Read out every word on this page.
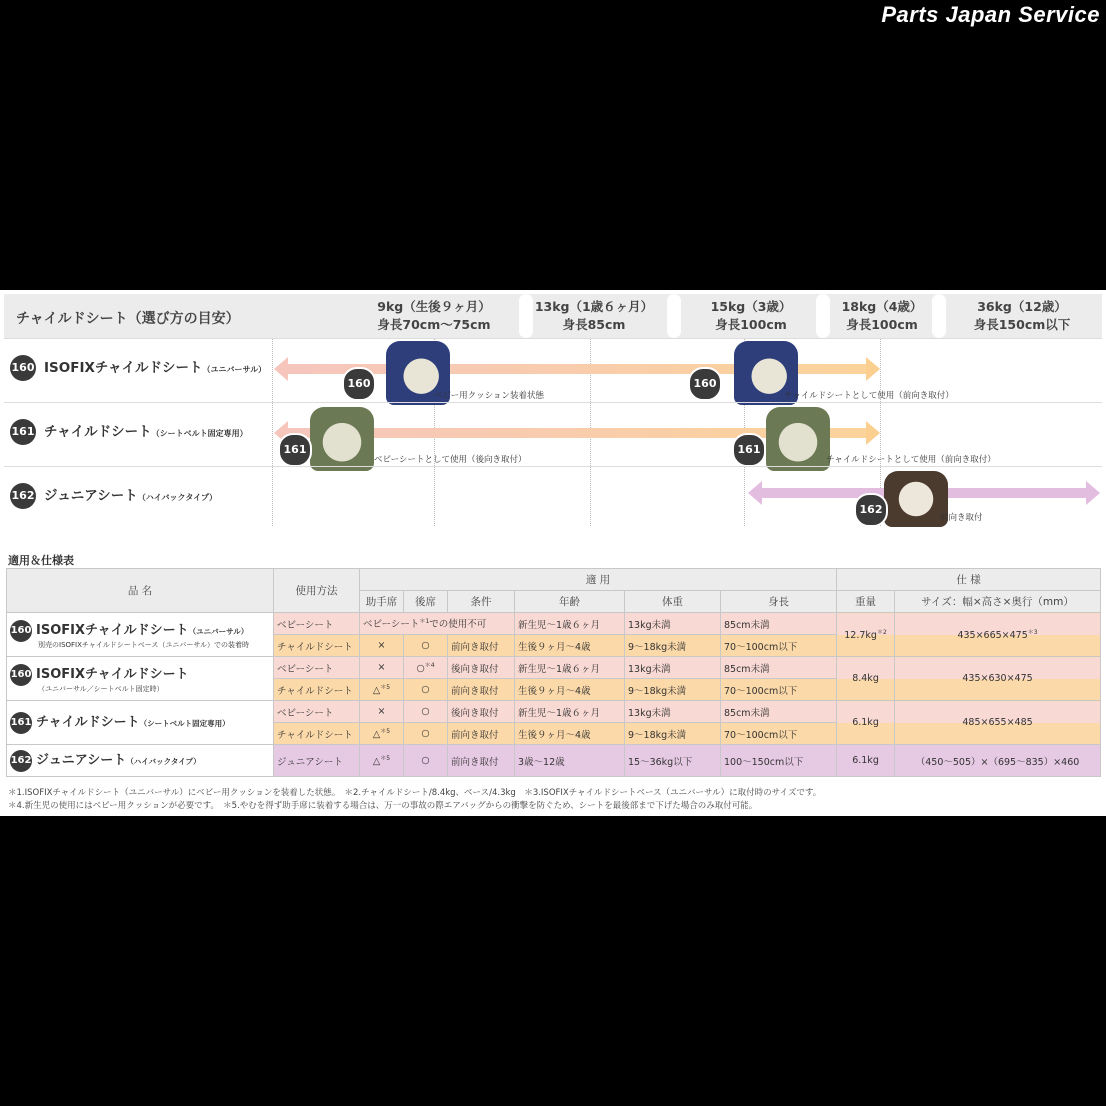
Parts Japan Service
チャイルドシート（選び方の目安）
9kg（生後９ヶ月）
身長70cm～75cm
13kg（1歳６ヶ月）
身長85cm
15kg（3歳）
身長100cm
18kg（4歳）
身長100cm
36kg（12歳）
身長150cm以下
160 ISOFIXチャイルドシート（ユニバーサル）
160
ベビー用クッション装着状態
160
チャイルドシートとして使用（前向き取付）
161 チャイルドシート（シートベルト固定専用）
161
ベビーシートとして使用（後向き取付）
161
チャイルドシートとして使用（前向き取付）
162 ジュニアシート（ハイバックタイプ）
162
前向き取付
適用＆仕様表
品 名	使用方法	適 用						仕 様	
		助手席	後席	条件	年齢	体重	身長	重量	サイズ：幅×高さ×奥行（mm）
160 ISOFIXチャイルドシート（ユニバーサル）
別売のISOFIXチャイルドシートベース（ユニバーサル）での装着時	ベビーシート	ベビーシート$^{*1}$での使用不可			新生児～1歳６ヶ月	13kg未満	85cm未満	$12.7kg^{*2}$	$435\times 665\times 475^{*3}$
	チャイルドシート	×	○	前向き取付	生後９ヶ月～4歳	9～18kg未満	70～100cm以下		
160 ISOFIXチャイルドシート
（ユニバーサル／シートベルト固定時）	ベビーシート	×	○$^{*4}$	後向き取付	新生児～1歳６ヶ月	13kg未満	85cm未満	8.4kg	435×630×475
	チャイルドシート	△$^{*5}$	○	前向き取付	生後９ヶ月～4歳	9～18kg未満	70～100cm以下		
161 チャイルドシート（シートベルト固定専用）	ベビーシート	×	○	後向き取付	新生児～1歳６ヶ月	13kg未満	85cm未満	6.1kg	485×655×485
	チャイルドシート	△$^{*5}$	○	前向き取付	生後９ヶ月～4歳	9～18kg未満	70～100cm以下		
162 ジュニアシート（ハイバックタイプ）	ジュニアシート	△$^{*5}$	○	前向き取付	3歳～12歳	15～36kg以下	100～150cm以下	6.1kg	（450～505）×（695～835）×460
＊1.ISOFIXチャイルドシート（ユニバーサル）にベビー用クッションを装着した状態。　＊2.チャイルドシート/8.4kg、ベース/4.3kg　＊3.ISOFIXチャイルドシートベース（ユニバーサル）に取付時のサイズです。
＊4.新生児の使用にはベビー用クッションが必要です。　＊5.やむを得ず助手席に装着する場合は、万一の事故の際エアバッグからの衝撃を防ぐため、シートを最後部まで下げた場合のみ取付可能。
